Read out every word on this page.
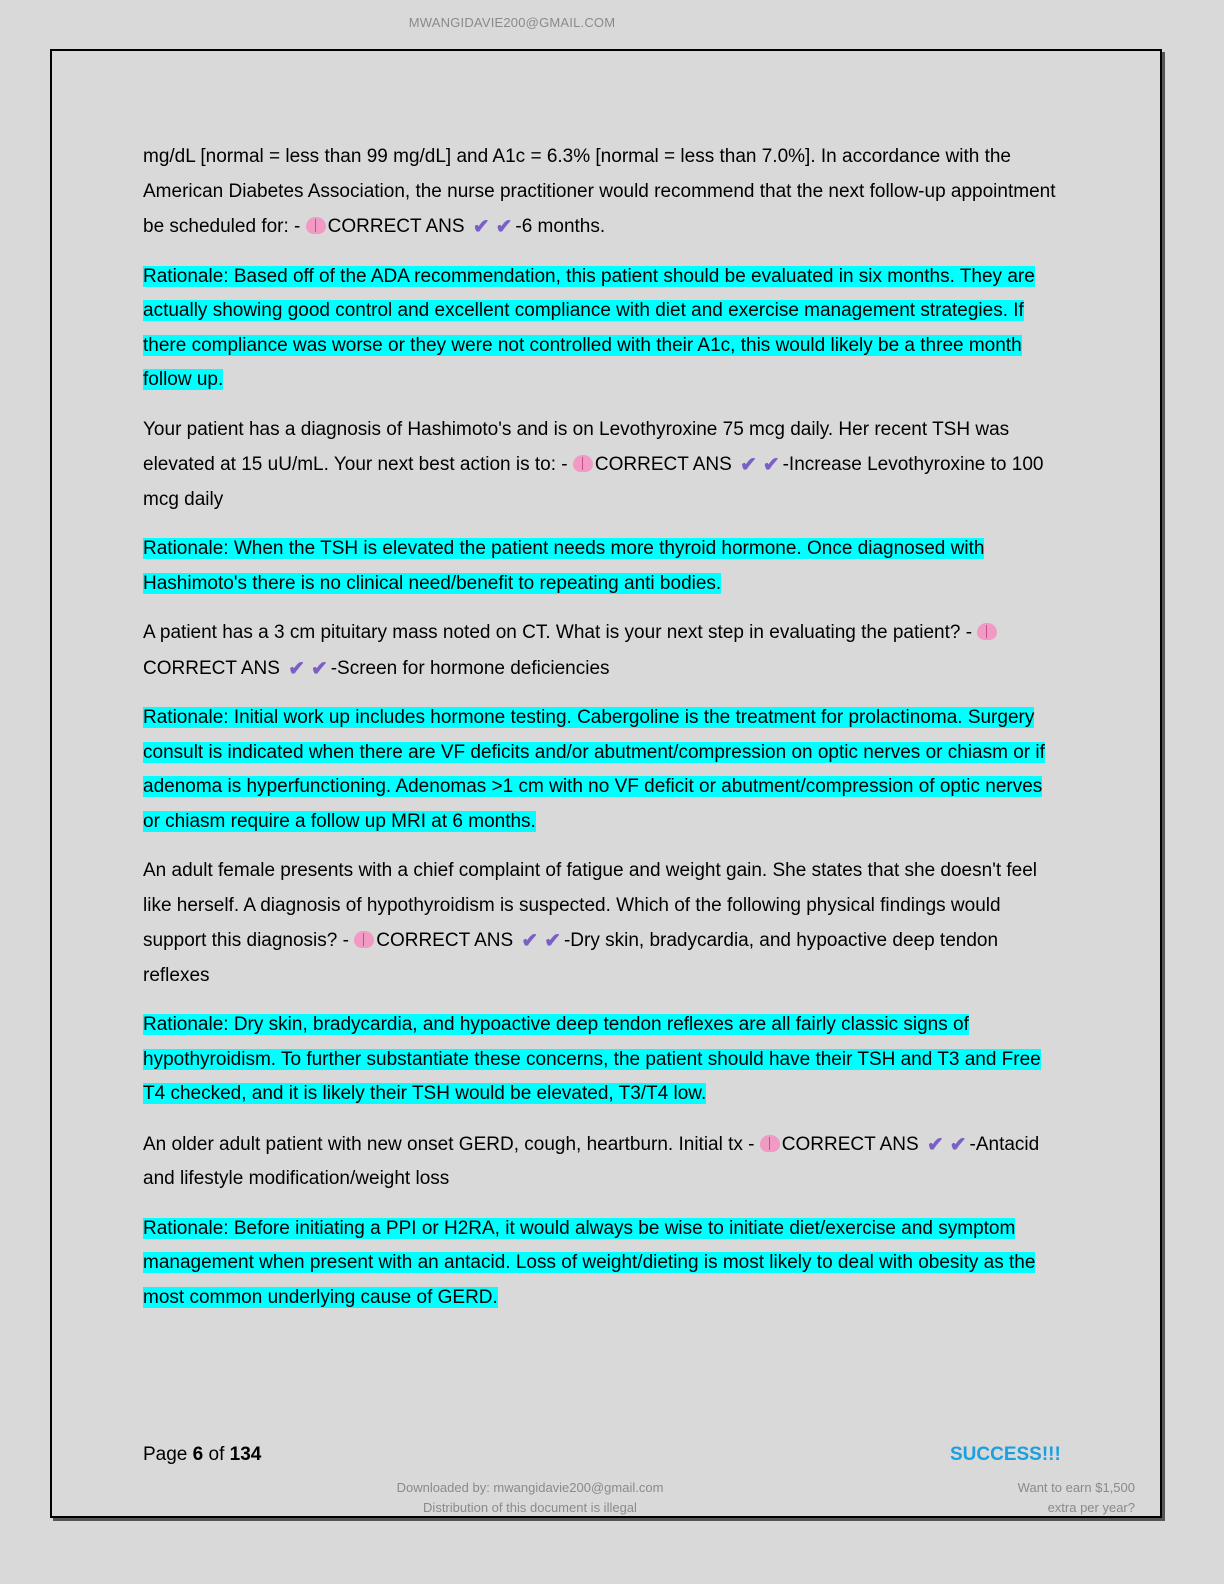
MWANGIDAVIE200@GMAIL.COM

mg/dL [normal = less than 99 mg/dL] and A1c = 6.3% [normal = less than 7.0%]. In accordance with the American Diabetes Association, the nurse practitioner would recommend that the next follow-up appointment be scheduled for: - CORRECT ANS ✔ ✔ -6 months.

Rationale: Based off of the ADA recommendation, this patient should be evaluated in six months. They are actually showing good control and excellent compliance with diet and exercise management strategies. If there compliance was worse or they were not controlled with their A1c, this would likely be a three month follow up.

Your patient has a diagnosis of Hashimoto's and is on Levothyroxine 75 mcg daily. Her recent TSH was elevated at 15 uU/mL. Your next best action is to: - CORRECT ANS ✔ ✔ -Increase Levothyroxine to 100 mcg daily

Rationale: When the TSH is elevated the patient needs more thyroid hormone. Once diagnosed with Hashimoto's there is no clinical need/benefit to repeating anti bodies.

A patient has a 3 cm pituitary mass noted on CT. What is your next step in evaluating the patient? - CORRECT ANS ✔ ✔ -Screen for hormone deficiencies

Rationale: Initial work up includes hormone testing. Cabergoline is the treatment for prolactinoma. Surgery consult is indicated when there are VF deficits and/or abutment/compression on optic nerves or chiasm or if adenoma is hyperfunctioning. Adenomas >1 cm with no VF deficit or abutment/compression of optic nerves or chiasm require a follow up MRI at 6 months.

An adult female presents with a chief complaint of fatigue and weight gain. She states that she doesn't feel like herself. A diagnosis of hypothyroidism is suspected. Which of the following physical findings would support this diagnosis? - CORRECT ANS ✔ ✔ -Dry skin, bradycardia, and hypoactive deep tendon reflexes

Rationale: Dry skin, bradycardia, and hypoactive deep tendon reflexes are all fairly classic signs of hypothyroidism. To further substantiate these concerns, the patient should have their TSH and T3 and Free T4 checked, and it is likely their TSH would be elevated, T3/T4 low.

An older adult patient with new onset GERD, cough, heartburn. Initial tx - CORRECT ANS ✔ ✔ -Antacid and lifestyle modification/weight loss

Rationale: Before initiating a PPI or H2RA, it would always be wise to initiate diet/exercise and symptom management when present with an antacid. Loss of weight/dieting is most likely to deal with obesity as the most common underlying cause of GERD.

Page 6 of 134	SUCCESS!!!
Downloaded by: mwangidavie200@gmail.com
Distribution of this document is illegal
Want to earn $1,500
extra per year?
